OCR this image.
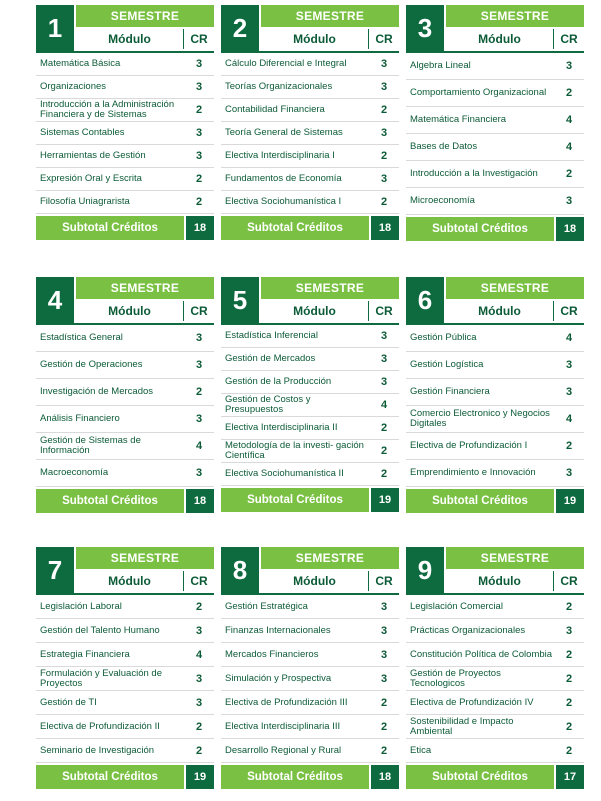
1	SEMESTRE
Módulo	CR
Matemática Básica	3
Organizaciones	3
Introducción a la Administración Financiera y de Sistemas	2
Sistemas Contables	3
Herramientas de Gestión	3
Expresión Oral y Escrita	2
Filosofía Uniagrarista	2
Subtotal Créditos	18
2	SEMESTRE
Módulo	CR
Cálculo Diferencial e Integral	3
Teorías Organizacionales	3
Contabilidad Financiera	2
Teoría General de Sistemas	3
Electiva Interdisciplinaria I	2
Fundamentos de Economía	3
Electiva Sociohumanística I	2
Subtotal Créditos	18
3	SEMESTRE
Módulo	CR
Algebra Lineal	3
Comportamiento Organizacional	2
Matemática Financiera	4
Bases de Datos	4
Introducción a la Investigación	2
Microeconomía	3
Subtotal Créditos	18
4	SEMESTRE
Módulo	CR
Estadística General	3
Gestión de Operaciones	3
Investigación de Mercados	2
Análisis Financiero	3
Gestión de Sistemas de Información	4
Macroeconomía	3
Subtotal Créditos	18
5	SEMESTRE
Módulo	CR
Estadística Inferencial	3
Gestión de Mercados	3
Gestión de la Producción	3
Gestión de Costos y Presupuestos	4
Electiva Interdisciplinaria II	2
Metodología de la investi- gación Científica	2
Electiva Sociohumanística II	2
Subtotal Créditos	19
6	SEMESTRE
Módulo	CR
Gestión Pública	4
Gestión Logística	3
Gestión Financiera	3
Comercio Electronico y Negocios Digitales	4
Electiva de Profundización I	2
Emprendimiento e Innovación	3
Subtotal Créditos	19
7	SEMESTRE
Módulo	CR
Legislación Laboral	2
Gestión del Talento Humano	3
Estrategia Financiera	4
Formulación y Evaluación de Proyectos	3
Gestión de TI	3
Electiva de Profundización II	2
Seminario de Investigación	2
Subtotal Créditos	19
8	SEMESTRE
Módulo	CR
Gestión Estratégica	3
Finanzas Internacionales	3
Mercados Financieros	3
Simulación y Prospectiva	3
Electiva de Profundización III	2
Electiva Interdisciplinaria III	2
Desarrollo Regional y Rural	2
Subtotal Créditos	18
9	SEMESTRE
Módulo	CR
Legislación Comercial	2
Prácticas Organizacionales	3
Constitución Política de Colombia	2
Gestión de Proyectos Tecnologicos	2
Electiva de Profundización IV	2
Sostenibilidad e Impacto Ambiental	2
Etica	2
Subtotal Créditos	17
